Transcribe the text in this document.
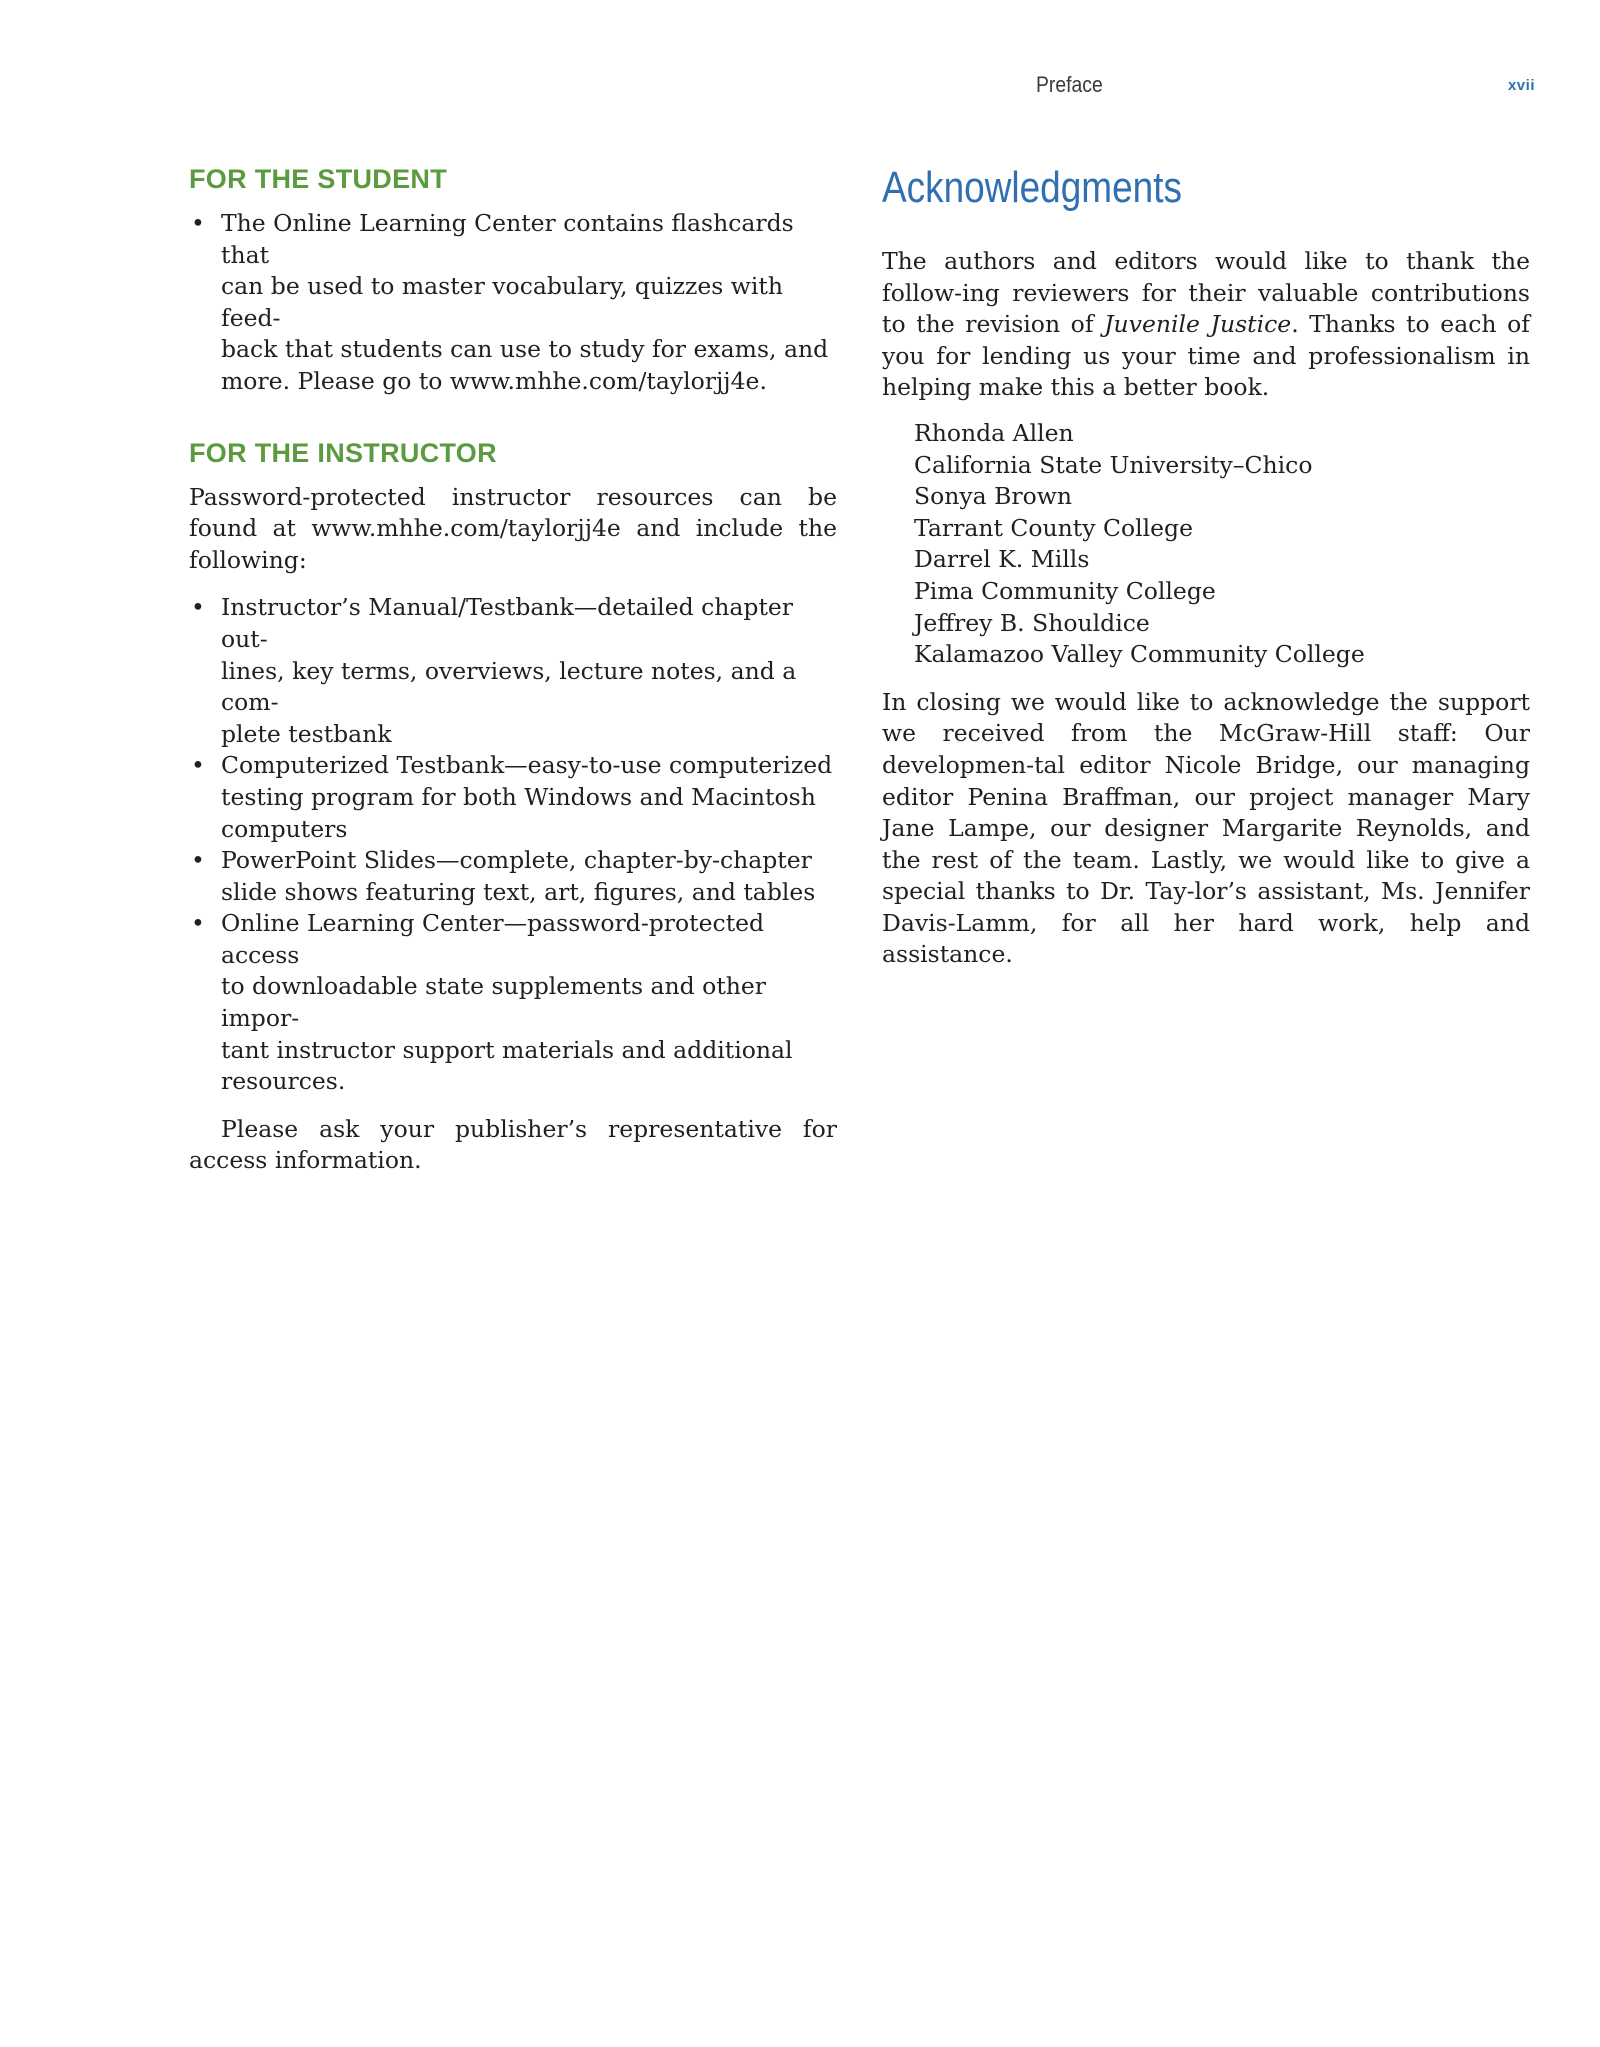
Preface	xvii
FOR THE STUDENT
• The Online Learning Center contains flashcards that
can be used to master vocabulary, quizzes with feed-
back that students can use to study for exams, and
more. Please go to www.mhhe.com/taylorjj4e.
FOR THE INSTRUCTOR

Password-protected instructor resources can be found at www.mhhe.com/taylorjj4e and include the following:

• Instructor’s Manual/Testbank—detailed chapter out-
lines, key terms, overviews, lecture notes, and a com-
plete testbank
• Computerized Testbank—easy-to-use computerized
testing program for both Windows and Macintosh
computers
• PowerPoint Slides—complete, chapter-by-chapter
slide shows featuring text, art, figures, and tables
• Online Learning Center—password-protected access
to downloadable state supplements and other impor-
tant instructor support materials and additional
resources.

Please ask your publisher’s representative for access information.

Acknowledgments

The authors and editors would like to thank the follow-ing reviewers for their valuable contributions to the revision of Juvenile Justice. Thanks to each of you for lending us your time and professionalism in helping make this a better book.

Rhonda Allen
California State University–Chico
Sonya Brown
Tarrant County College
Darrel K. Mills
Pima Community College
Jeffrey B. Shouldice
Kalamazoo Valley Community College

In closing we would like to acknowledge the support we received from the McGraw-Hill staff: Our developmen-tal editor Nicole Bridge, our managing editor Penina Braffman, our project manager Mary Jane Lampe, our designer Margarite Reynolds, and the rest of the team. Lastly, we would like to give a special thanks to Dr. Tay-lor’s assistant, Ms. Jennifer Davis-Lamm, for all her hard work, help and assistance.
